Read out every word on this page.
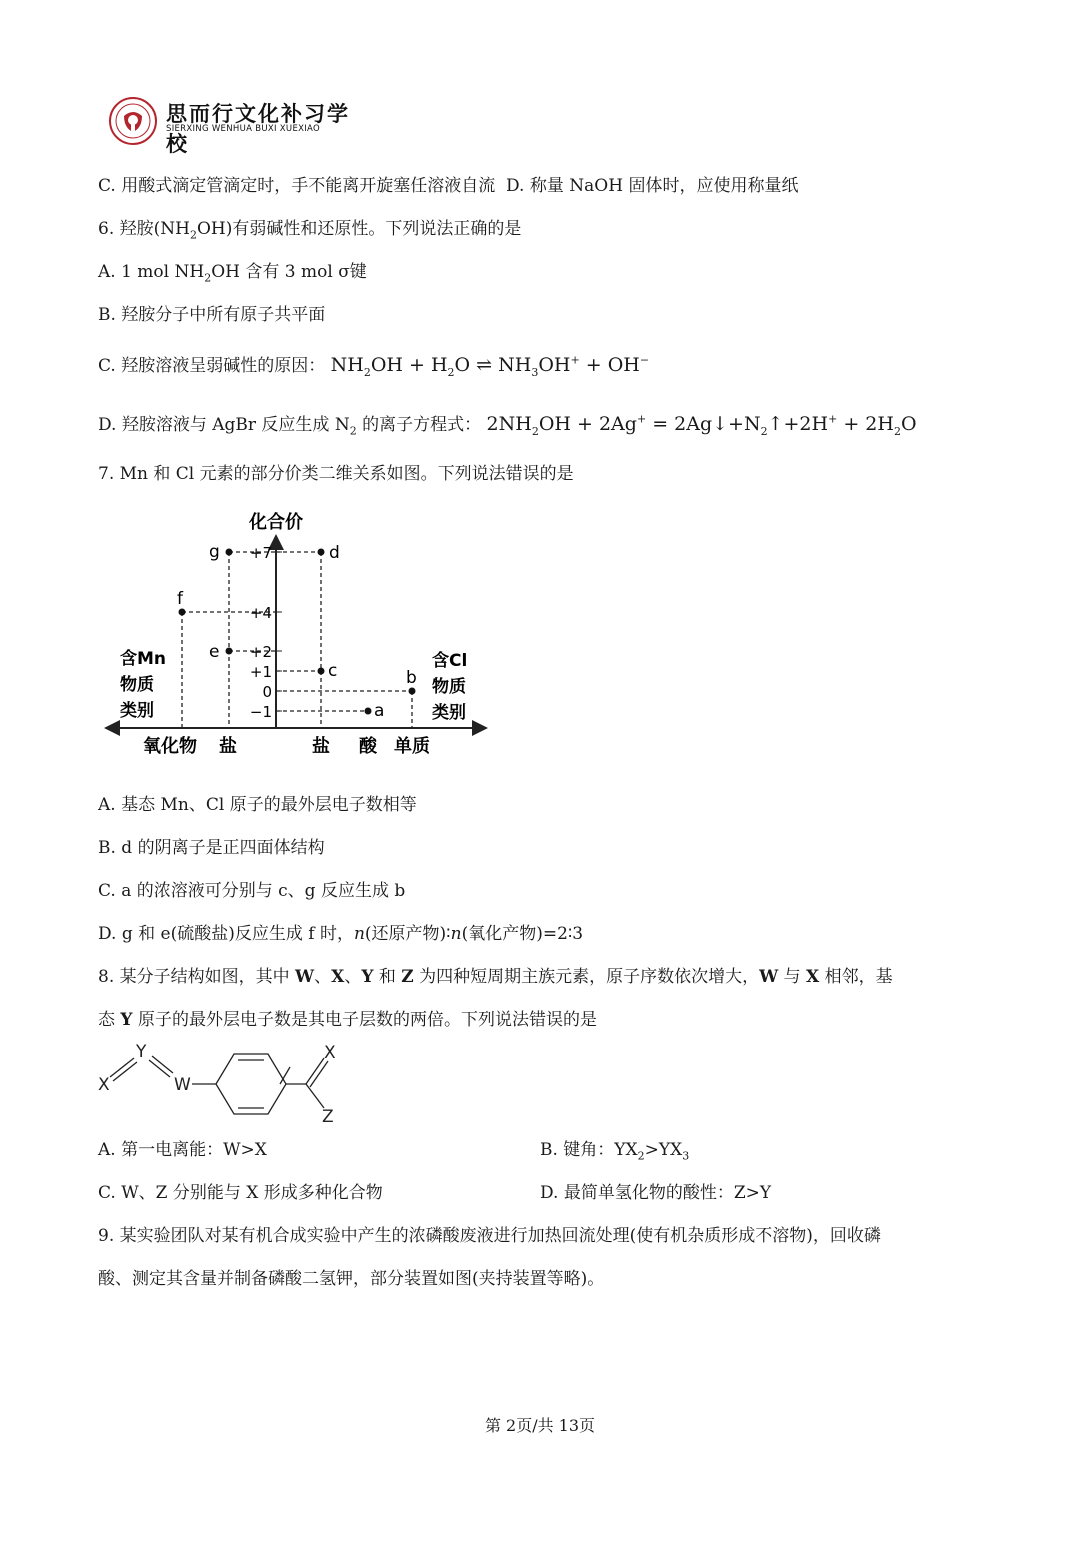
思而行文化补习学校
SIERXING WENHUA BUXI XUEXIAO
C. 用酸式滴定管滴定时，手不能离开旋塞任溶液自流 D. 称量 NaOH 固体时，应使用称量纸
6. 羟胺$(NH_2OH)$有弱碱性和还原性。下列说法正确的是
A. 1 mol $NH_2OH$ 含有 3 mol σ键
B. 羟胺分子中所有原子共平面
C. 羟胺溶液呈弱碱性的原因： $NH_2OH + H_2O$ ⇌ $NH_3OH^+ + OH^-$
D. 羟胺溶液与 AgBr 反应生成 $N_2$ 的离子方程式： $2NH_2OH + 2Ag^+$ = $2Ag↓+N_2↑+2H^+ + 2H_2O$
7. Mn 和 Cl 元素的部分价类二维关系如图。下列说法错误的是
化合价
+7
+4
+2
+1
0
−1
g	d
f
e
c	b
a
含Mn
物质
类别
含Cl
物质
类别
氧化物 盐	盐 酸 单质
A. 基态 Mn、Cl 原子的最外层电子数相等
B. d 的阴离子是正四面体结构
C. a 的浓溶液可分别与 c、g 反应生成 b
D. g 和 e(硫酸盐)反应生成 f 时，n(还原产物)∶n(氧化产物)=2∶3
8. 某分子结构如图，其中 W、X、Y 和 Z 为四种短周期主族元素，原子序数依次增大，W 与 X 相邻，基
态 Y 原子的最外层电子数是其电子层数的两倍。下列说法错误的是
X
Y
W
X
Z
A. 第一电离能：W>X	B. 键角：$YX_2>YX_3$
C. W、Z 分别能与 X 形成多种化合物	D. 最简单氢化物的酸性：Z>Y
9. 某实验团队对某有机合成实验中产生的浓磷酸废液进行加热回流处理(使有机杂质形成不溶物)，回收磷
酸、测定其含量并制备磷酸二氢钾，部分装置如图(夹持装置等略)。
第 2页/共 13页
